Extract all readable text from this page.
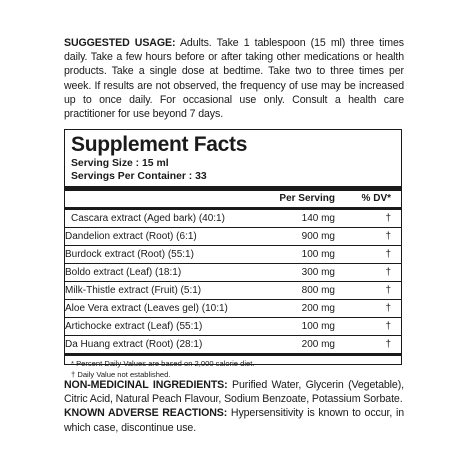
SUGGESTED USAGE: Adults. Take 1 tablespoon (15 ml) three times daily. Take a few hours before or after taking other medications or health products. Take a single dose at bedtime. Take two to three times per week. If results are not observed, the frequency of use may be increased up to once daily. For occasional use only. Consult a health care practitioner for use beyond 7 days.
Supplement Facts
Serving Size : 15 ml
Servings Per Container : 33
Per Serving	% DV*
Cascara extract (Aged bark) (40:1)	140 mg	†
Dandelion extract (Root) (6:1)	900 mg	†
Burdock extract (Root) (55:1)	100 mg	†
Boldo extract (Leaf) (18:1)	300 mg	†
Milk-Thistle extract (Fruit) (5:1)	800 mg	†
Aloe Vera extract (Leaves gel) (10:1)	200 mg	†
Artichocke extract (Leaf) (55:1)	100 mg	†
Da Huang extract (Root) (28:1)	200 mg	†
* Percent Daily Values are based on 2,000 calorie diet.
† Daily Value not established.
NON-MEDICINAL INGREDIENTS: Purified Water, Glycerin (Vegetable), Citric Acid, Natural Peach Flavour, Sodium Benzoate, Potassium Sorbate.
KNOWN ADVERSE REACTIONS: Hypersensitivity is known to occur, in which case, discontinue use.
